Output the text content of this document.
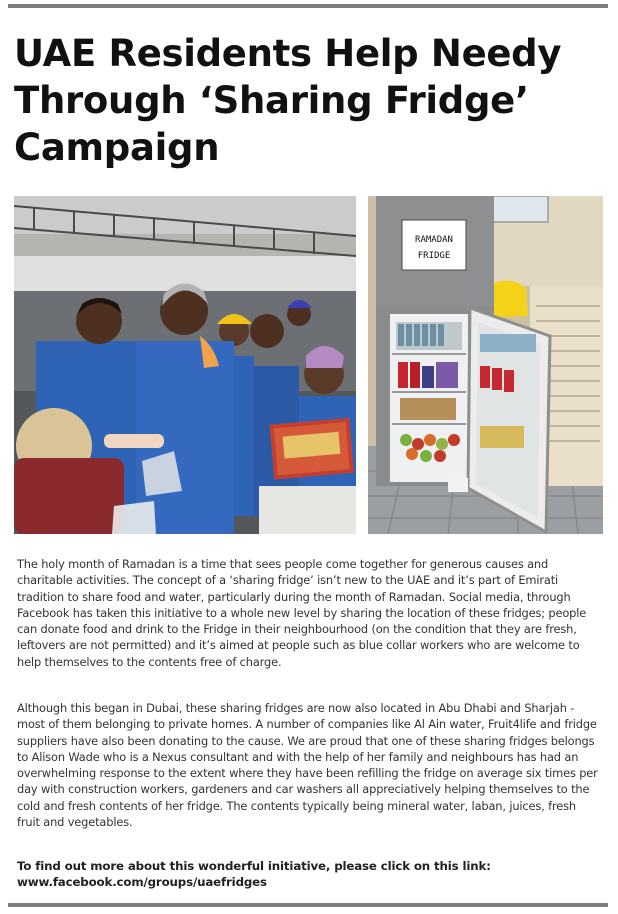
UAE Residents Help Needy Through ‘Sharing Fridge’ Campaign
RAMADAN
FRIDGE

The holy month of Ramadan is a time that sees people come together for generous causes and charitable activities. The concept of a ‘sharing fridge’ isn’t new to the UAE and it’s part of Emirati tradition to share food and water, particularly during the month of Ramadan. Social media, through Facebook has taken this initiative to a whole new level by sharing the location of these fridges; people can donate food and drink to the Fridge in their neighbourhood (on the condition that they are fresh, leftovers are not permitted) and it’s aimed at people such as blue collar workers who are welcome to help themselves to the contents free of charge.

Although this began in Dubai, these sharing fridges are now also located in Abu Dhabi and Sharjah - most of them belonging to private homes. A number of companies like Al Ain water, Fruit4life and fridge suppliers have also been donating to the cause. We are proud that one of these sharing fridges belongs to Alison Wade who is a Nexus consultant and with the help of her family and neighbours has had an overwhelming response to the extent where they have been refilling the fridge on average six times per day with construction workers, gardeners and car washers all appreciatively helping themselves to the cold and fresh contents of her fridge. The contents typically being mineral water, laban, juices, fresh fruit and vegetables.

To find out more about this wonderful initiative, please click on this link:
www.facebook.com/groups/uaefridges
